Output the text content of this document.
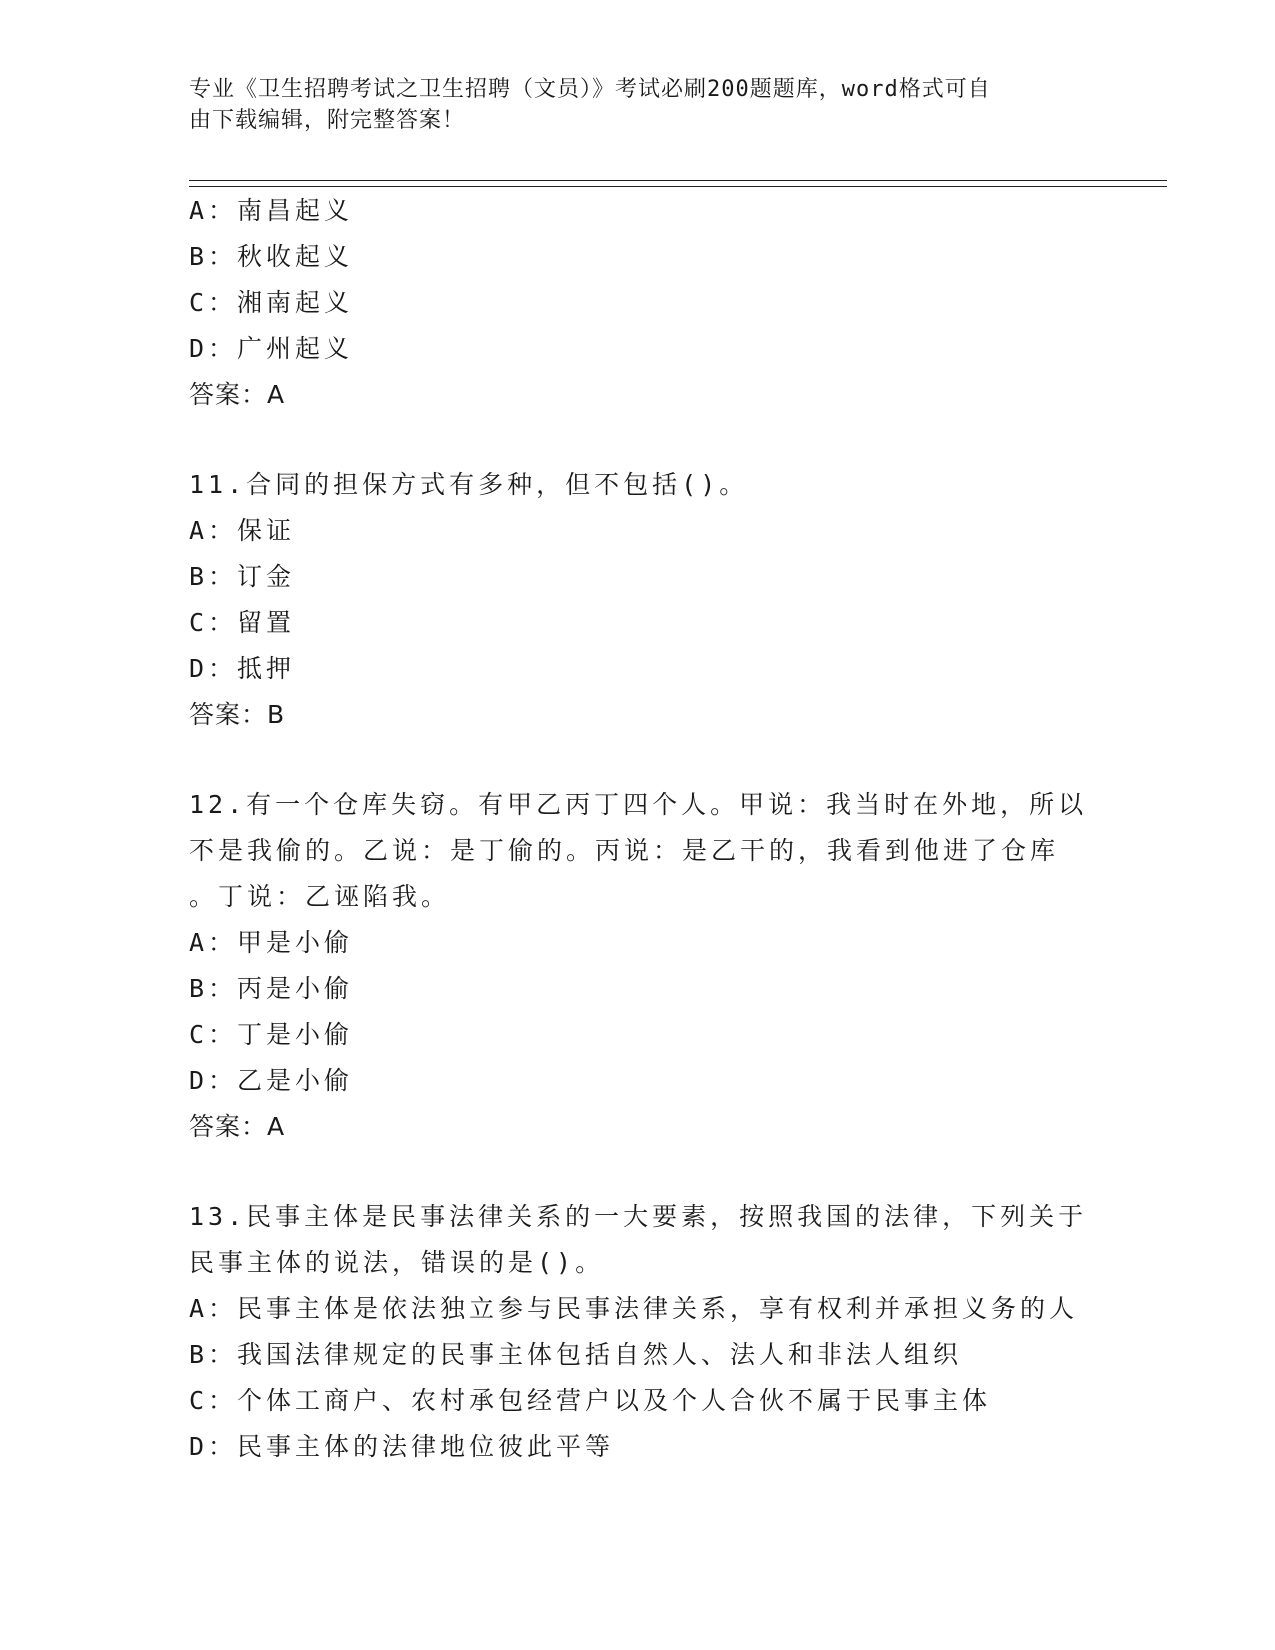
专业《卫生招聘考试之卫生招聘（文员）》考试必刷200题题库，word格式可自
由下载编辑，附完整答案！
A：南昌起义
B：秋收起义
C：湘南起义
D：广州起义
答案：A
11.合同的担保方式有多种，但不包括()。
A：保证
B：订金
C：留置
D：抵押
答案：B
12.有一个仓库失窃。有甲乙丙丁四个人。甲说：我当时在外地，所以
不是我偷的。乙说：是丁偷的。丙说：是乙干的，我看到他进了仓库
。丁说：乙诬陷我。
A：甲是小偷
B：丙是小偷
C：丁是小偷
D：乙是小偷
答案：A
13.民事主体是民事法律关系的一大要素，按照我国的法律，下列关于
民事主体的说法，错误的是()。
A：民事主体是依法独立参与民事法律关系，享有权利并承担义务的人
B：我国法律规定的民事主体包括自然人、法人和非法人组织
C：个体工商户、农村承包经营户以及个人合伙不属于民事主体
D：民事主体的法律地位彼此平等
